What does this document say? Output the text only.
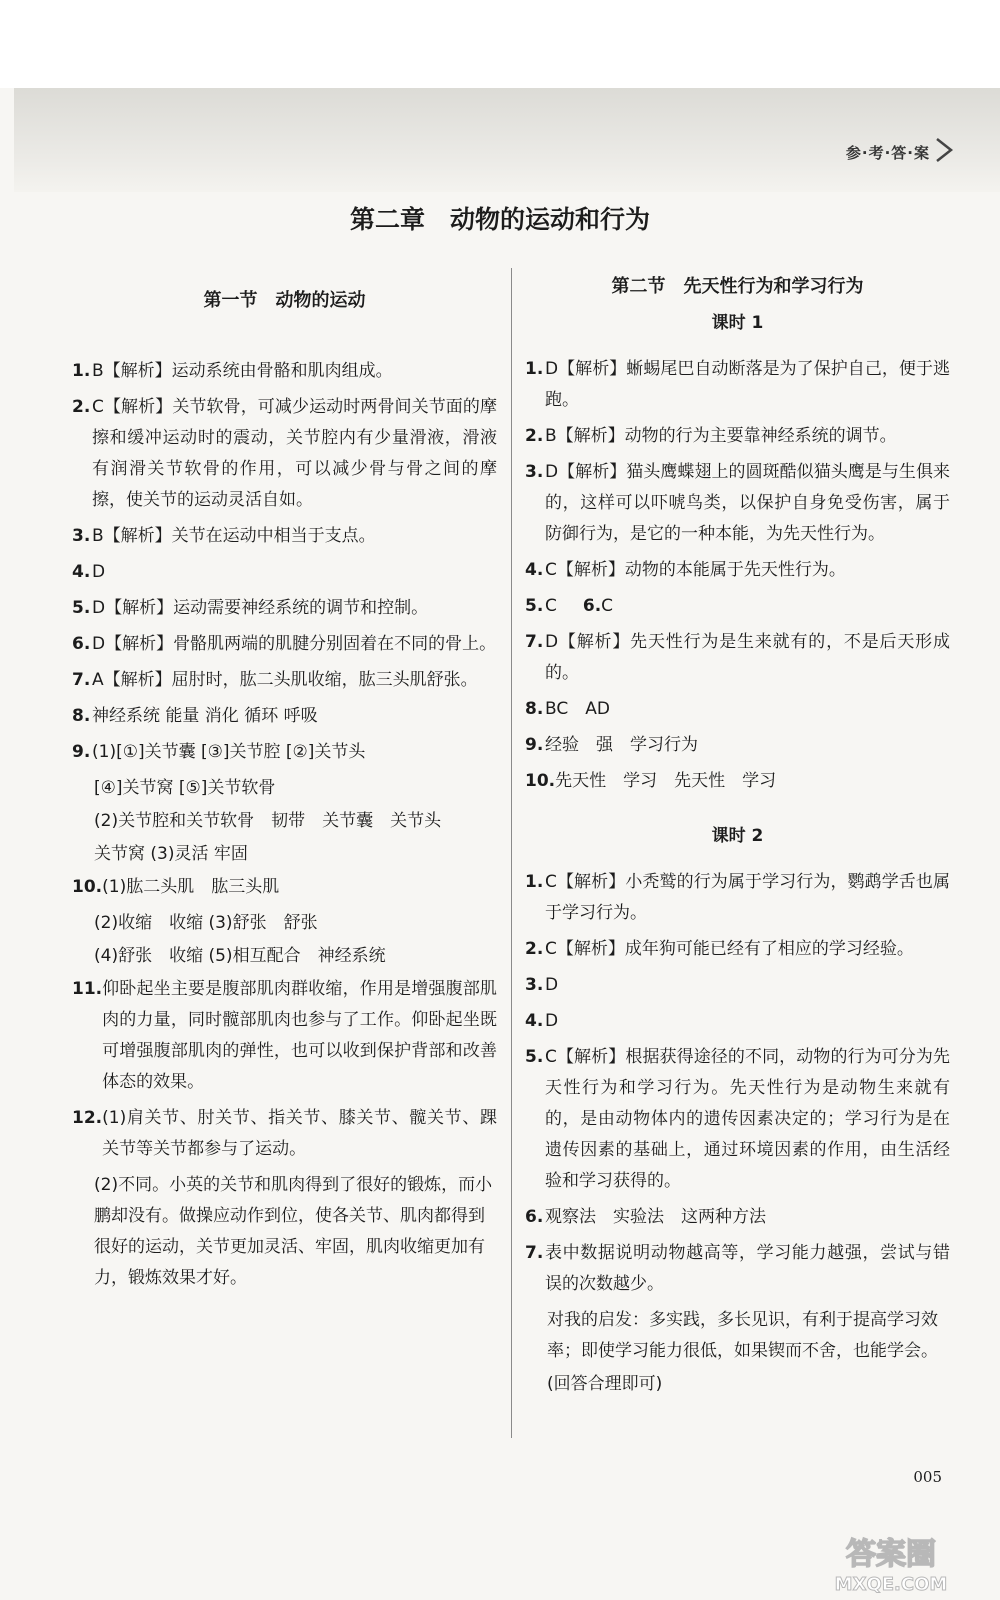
参·考·答·案
第二章　动物的运动和行为
第一节　动物的运动
1. B【解析】运动系统由骨骼和肌肉组成。
2. C【解析】关节软骨，可减少运动时两骨间关节面的摩擦和缓冲运动时的震动，关节腔内有少量滑液，滑液有润滑关节软骨的作用，可以减少骨与骨之间的摩擦，使关节的运动灵活自如。
3. B【解析】关节在运动中相当于支点。
4. D
5. D【解析】运动需要神经系统的调节和控制。
6. D【解析】骨骼肌两端的肌腱分别固着在不同的骨上。
7. A【解析】屈肘时，肱二头肌收缩，肱三头肌舒张。
8. 神经系统 能量 消化 循环 呼吸
9. (1)[①]关节囊 [③]关节腔 [②]关节头
[④]关节窝 [⑤]关节软骨
(2)关节腔和关节软骨　韧带　关节囊　关节头
关节窝 (3)灵活 牢固
10. (1)肱二头肌　肱三头肌
(2)收缩　收缩 (3)舒张　舒张
(4)舒张　收缩 (5)相互配合　神经系统
11. 仰卧起坐主要是腹部肌肉群收缩，作用是增强腹部肌肉的力量，同时髋部肌肉也参与了工作。仰卧起坐既可增强腹部肌肉的弹性，也可以收到保护背部和改善体态的效果。
12. (1)肩关节、肘关节、指关节、膝关节、髋关节、踝关节等关节都参与了运动。
(2)不同。小英的关节和肌肉得到了很好的锻炼，而小鹏却没有。做操应动作到位，使各关节、肌肉都得到很好的运动，关节更加灵活、牢固，肌肉收缩更加有力，锻炼效果才好。
第二节　先天性行为和学习行为
课时 1
1. D【解析】蜥蜴尾巴自动断落是为了保护自己，便于逃跑。
2. B【解析】动物的行为主要靠神经系统的调节。
3. D【解析】猫头鹰蝶翅上的圆斑酷似猫头鹰是与生俱来的，这样可以吓唬鸟类，以保护自身免受伤害，属于防御行为，是它的一种本能，为先天性行为。
4. C【解析】动物的本能属于先天性行为。
5. C 6.C
7. D【解析】先天性行为是生来就有的，不是后天形成的。
8. BC　AD
9. 经验　强　学习行为
10. 先天性　学习　先天性　学习
课时 2
1. C【解析】小秃鹫的行为属于学习行为，鹦鹉学舌也属于学习行为。
2. C【解析】成年狗可能已经有了相应的学习经验。
3. D
4. D
5. C【解析】根据获得途径的不同，动物的行为可分为先天性行为和学习行为。先天性行为是动物生来就有的，是由动物体内的遗传因素决定的；学习行为是在遗传因素的基础上，通过环境因素的作用，由生活经验和学习获得的。
6. 观察法　实验法　这两种方法
7. 表中数据说明动物越高等，学习能力越强，尝试与错误的次数越少。
对我的启发：多实践，多长见识，有利于提高学习效率；即使学习能力很低，如果锲而不舍，也能学会。
(回答合理即可)
005
答案圈
MXQE.COM
